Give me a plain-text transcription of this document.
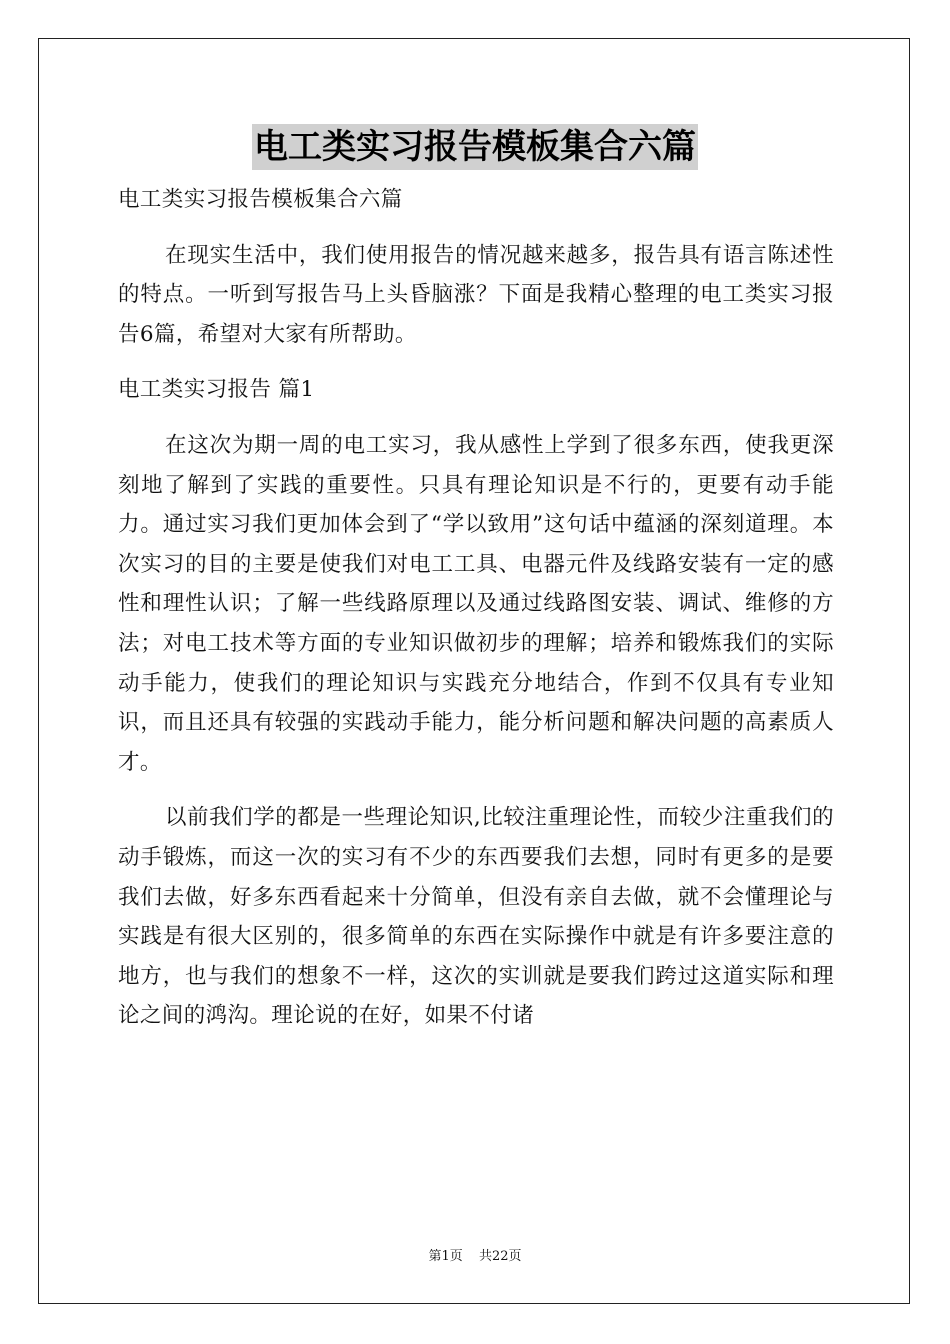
电工类实习报告模板集合六篇
电工类实习报告模板集合六篇

在现实生活中，我们使用报告的情况越来越多，报告具有语言陈述性的特点。一听到写报告马上头昏脑涨？下面是我精心整理的电工类实习报告6篇，希望对大家有所帮助。

电工类实习报告 篇1

在这次为期一周的电工实习，我从感性上学到了很多东西，使我更深刻地了解到了实践的重要性。只具有理论知识是不行的，更要有动手能力。通过实习我们更加体会到了“学以致用”这句话中蕴涵的深刻道理。本次实习的目的主要是使我们对电工工具、电器元件及线路安装有一定的感性和理性认识；了解一些线路原理以及通过线路图安装、调试、维修的方法；对电工技术等方面的专业知识做初步的理解；培养和锻炼我们的实际动手能力，使我们的理论知识与实践充分地结合，作到不仅具有专业知识，而且还具有较强的实践动手能力，能分析问题和解决问题的高素质人才。

以前我们学的都是一些理论知识,比较注重理论性，而较少注重我们的动手锻炼，而这一次的实习有不少的东西要我们去想，同时有更多的是要我们去做，好多东西看起来十分简单，但没有亲自去做，就不会懂理论与实践是有很大区别的，很多简单的东西在实际操作中就是有许多要注意的地方，也与我们的想象不一样，这次的实训就是要我们跨过这道实际和理论之间的鸿沟。理论说的在好，如果不付诸

第1页 共22页
